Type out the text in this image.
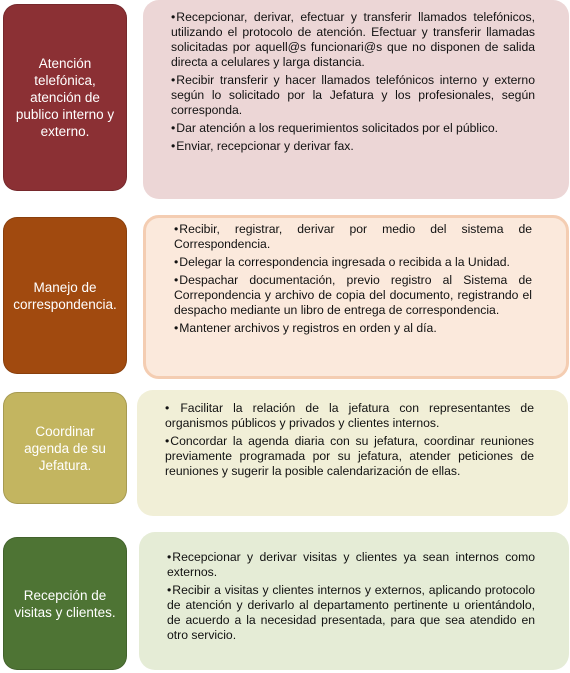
Atención telefónica, atención de publico interno y externo.
•Recepcionar, derivar, efectuar y transferir llamados telefónicos, utilizando el protocolo de atención. Efectuar y transferir llamadas solicitadas por aquell@s funcionari@s que no disponen de salida directa a celulares y larga distancia.
•Recibir transferir y hacer llamados telefónicos interno y externo según lo solicitado por la Jefatura y los profesionales, según corresponda.
•Dar atención a los requerimientos solicitados por el público.
•Enviar, recepcionar y derivar fax.
Manejo de correspondencia.
•Recibir, registrar, derivar por medio del sistema de Correspondencia.
•Delegar la correspondencia ingresada o recibida a la Unidad.
•Despachar documentación, previo registro al Sistema de Correpondencia y archivo de copia del documento, registrando el despacho mediante un libro de entrega de correspondencia.
•Mantener archivos y registros en orden y al día.
Coordinar agenda de su Jefatura.
• Facilitar la relación de la jefatura con representantes de organismos públicos y privados y clientes internos.
•Concordar la agenda diaria con su jefatura, coordinar reuniones previamente programada por su jefatura, atender peticiones de reuniones y sugerir la posible calendarización de ellas.
Recepción de visitas y clientes.
•Recepcionar y derivar visitas y clientes ya sean internos como externos.
•Recibir a visitas y clientes internos y externos, aplicando protocolo de atención y derivarlo al departamento pertinente u orientándolo, de acuerdo a la necesidad presentada, para que sea atendido en otro servicio.
